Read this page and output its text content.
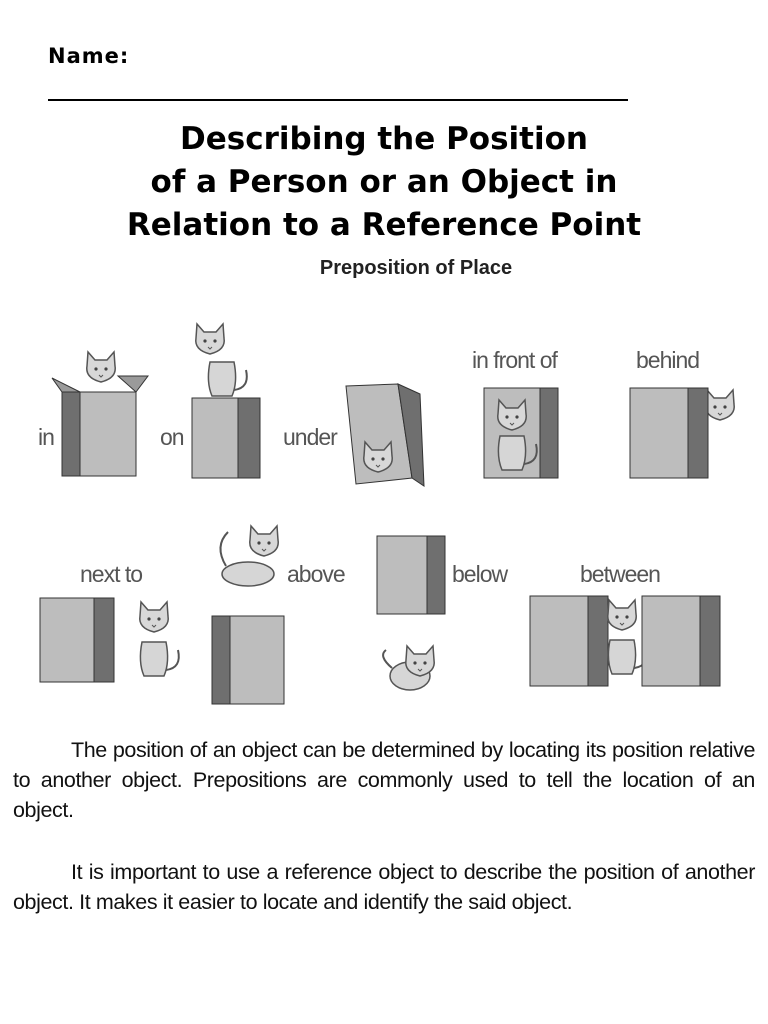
Name:
Describing the Position
of a Person or an Object in
Relation to a Reference Point
Preposition of Place
in	on	under
in front of	behind
next to	above	below	between

The position of an object can be determined by locating its position relative to another object. Prepositions are commonly used to tell the location of an object.

It is important to use a reference object to describe the position of another object. It makes it easier to locate and identify the said object.
